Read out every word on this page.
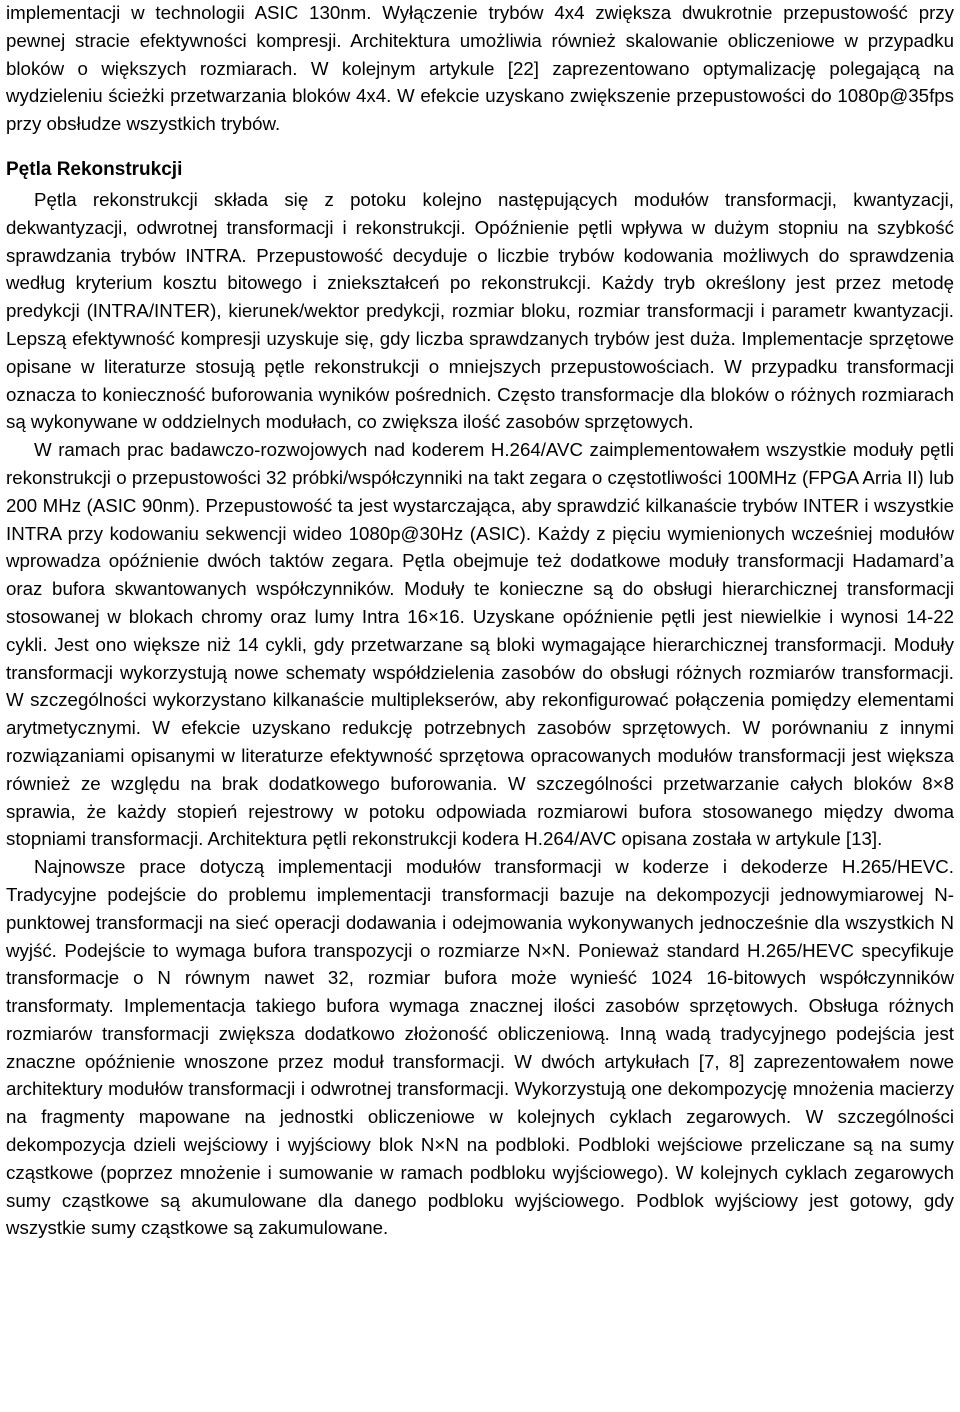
implementacji w technologii ASIC 130nm. Wyłączenie trybów 4x4 zwiększa dwukrotnie przepustowość przy pewnej stracie efektywności kompresji. Architektura umożliwia również skalowanie obliczeniowe w przypadku bloków o większych rozmiarach. W kolejnym artykule [22] zaprezentowano optymalizację polegającą na wydzieleniu ścieżki przetwarzania bloków 4x4. W efekcie uzyskano zwiększenie przepustowości do 1080p@35fps przy obsłudze wszystkich trybów.

Pętla Rekonstrukcji

Pętla rekonstrukcji składa się z potoku kolejno następujących modułów transformacji, kwantyzacji, dekwantyzacji, odwrotnej transformacji i rekonstrukcji. Opóźnienie pętli wpływa w dużym stopniu na szybkość sprawdzania trybów INTRA. Przepustowość decyduje o liczbie trybów kodowania możliwych do sprawdzenia według kryterium kosztu bitowego i zniekształceń po rekonstrukcji. Każdy tryb określony jest przez metodę predykcji (INTRA/INTER), kierunek/wektor predykcji, rozmiar bloku, rozmiar transformacji i parametr kwantyzacji. Lepszą efektywność kompresji uzyskuje się, gdy liczba sprawdzanych trybów jest duża. Implementacje sprzętowe opisane w literaturze stosują pętle rekonstrukcji o mniejszych przepustowościach. W przypadku transformacji oznacza to konieczność buforowania wyników pośrednich. Często transformacje dla bloków o różnych rozmiarach są wykonywane w oddzielnych modułach, co zwiększa ilość zasobów sprzętowych.

W ramach prac badawczo-rozwojowych nad koderem H.264/AVC zaimplementowałem wszystkie moduły pętli rekonstrukcji o przepustowości 32 próbki/współczynniki na takt zegara o częstotliwości 100MHz (FPGA Arria II) lub 200 MHz (ASIC 90nm). Przepustowość ta jest wystarczająca, aby sprawdzić kilkanaście trybów INTER i wszystkie INTRA przy kodowaniu sekwencji wideo 1080p@30Hz (ASIC). Każdy z pięciu wymienionych wcześniej modułów wprowadza opóźnienie dwóch taktów zegara. Pętla obejmuje też dodatkowe moduły transformacji Hadamard’a oraz bufora skwantowanych współczynników. Moduły te konieczne są do obsługi hierarchicznej transformacji stosowanej w blokach chromy oraz lumy Intra 16×16. Uzyskane opóźnienie pętli jest niewielkie i wynosi 14-22 cykli. Jest ono większe niż 14 cykli, gdy przetwarzane są bloki wymagające hierarchicznej transformacji. Moduły transformacji wykorzystują nowe schematy współdzielenia zasobów do obsługi różnych rozmiarów transformacji. W szczególności wykorzystano kilkanaście multiplekserów, aby rekonfigurować połączenia pomiędzy elementami arytmetycznymi. W efekcie uzyskano redukcję potrzebnych zasobów sprzętowych. W porównaniu z innymi rozwiązaniami opisanymi w literaturze efektywność sprzętowa opracowanych modułów transformacji jest większa również ze względu na brak dodatkowego buforowania. W szczególności przetwarzanie całych bloków 8×8 sprawia, że każdy stopień rejestrowy w potoku odpowiada rozmiarowi bufora stosowanego między dwoma stopniami transformacji. Architektura pętli rekonstrukcji kodera H.264/AVC opisana została w artykule [13].

Najnowsze prace dotyczą implementacji modułów transformacji w koderze i dekoderze H.265/HEVC. Tradycyjne podejście do problemu implementacji transformacji bazuje na dekompozycji jednowymiarowej N-punktowej transformacji na sieć operacji dodawania i odejmowania wykonywanych jednocześnie dla wszystkich N wyjść. Podejście to wymaga bufora transpozycji o rozmiarze N×N. Ponieważ standard H.265/HEVC specyfikuje transformacje o N równym nawet 32, rozmiar bufora może wynieść 1024 16-bitowych współczynników transformaty. Implementacja takiego bufora wymaga znacznej ilości zasobów sprzętowych. Obsługa różnych rozmiarów transformacji zwiększa dodatkowo złożoność obliczeniową. Inną wadą tradycyjnego podejścia jest znaczne opóźnienie wnoszone przez moduł transformacji. W dwóch artykułach [7, 8] zaprezentowałem nowe architektury modułów transformacji i odwrotnej transformacji. Wykorzystują one dekompozycję mnożenia macierzy na fragmenty mapowane na jednostki obliczeniowe w kolejnych cyklach zegarowych. W szczególności dekompozycja dzieli wejściowy i wyjściowy blok N×N na podbloki. Podbloki wejściowe przeliczane są na sumy cząstkowe (poprzez mnożenie i sumowanie w ramach podbloku wyjściowego). W kolejnych cyklach zegarowych sumy cząstkowe są akumulowane dla danego podbloku wyjściowego. Podblok wyjściowy jest gotowy, gdy wszystkie sumy cząstkowe są zakumulowane.
